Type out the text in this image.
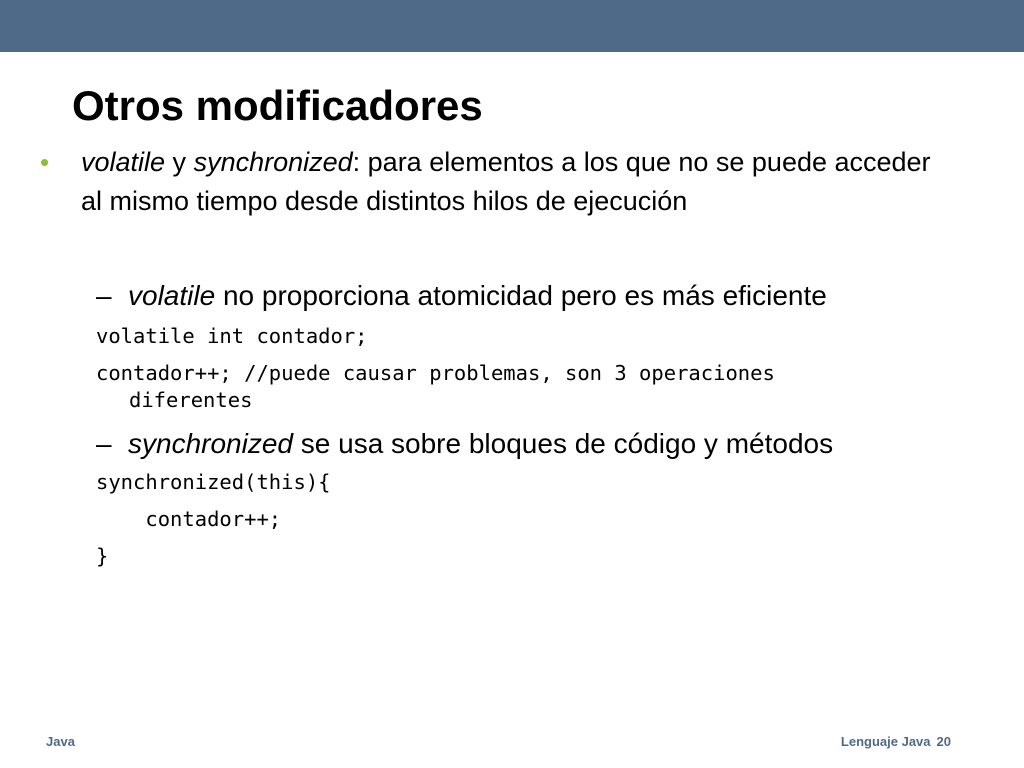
Otros modificadores
• volatile y synchronized: para elementos a los que no se puede acceder al mismo tiempo desde distintos hilos de ejecución
– volatile no proporciona atomicidad pero es más eficiente
volatile int contador;
contador++; //puede causar problemas, son 3 operaciones
diferentes
– synchronized se usa sobre bloques de código y métodos
synchronized(this){
contador++;
}
Java	Lenguaje Java 20
